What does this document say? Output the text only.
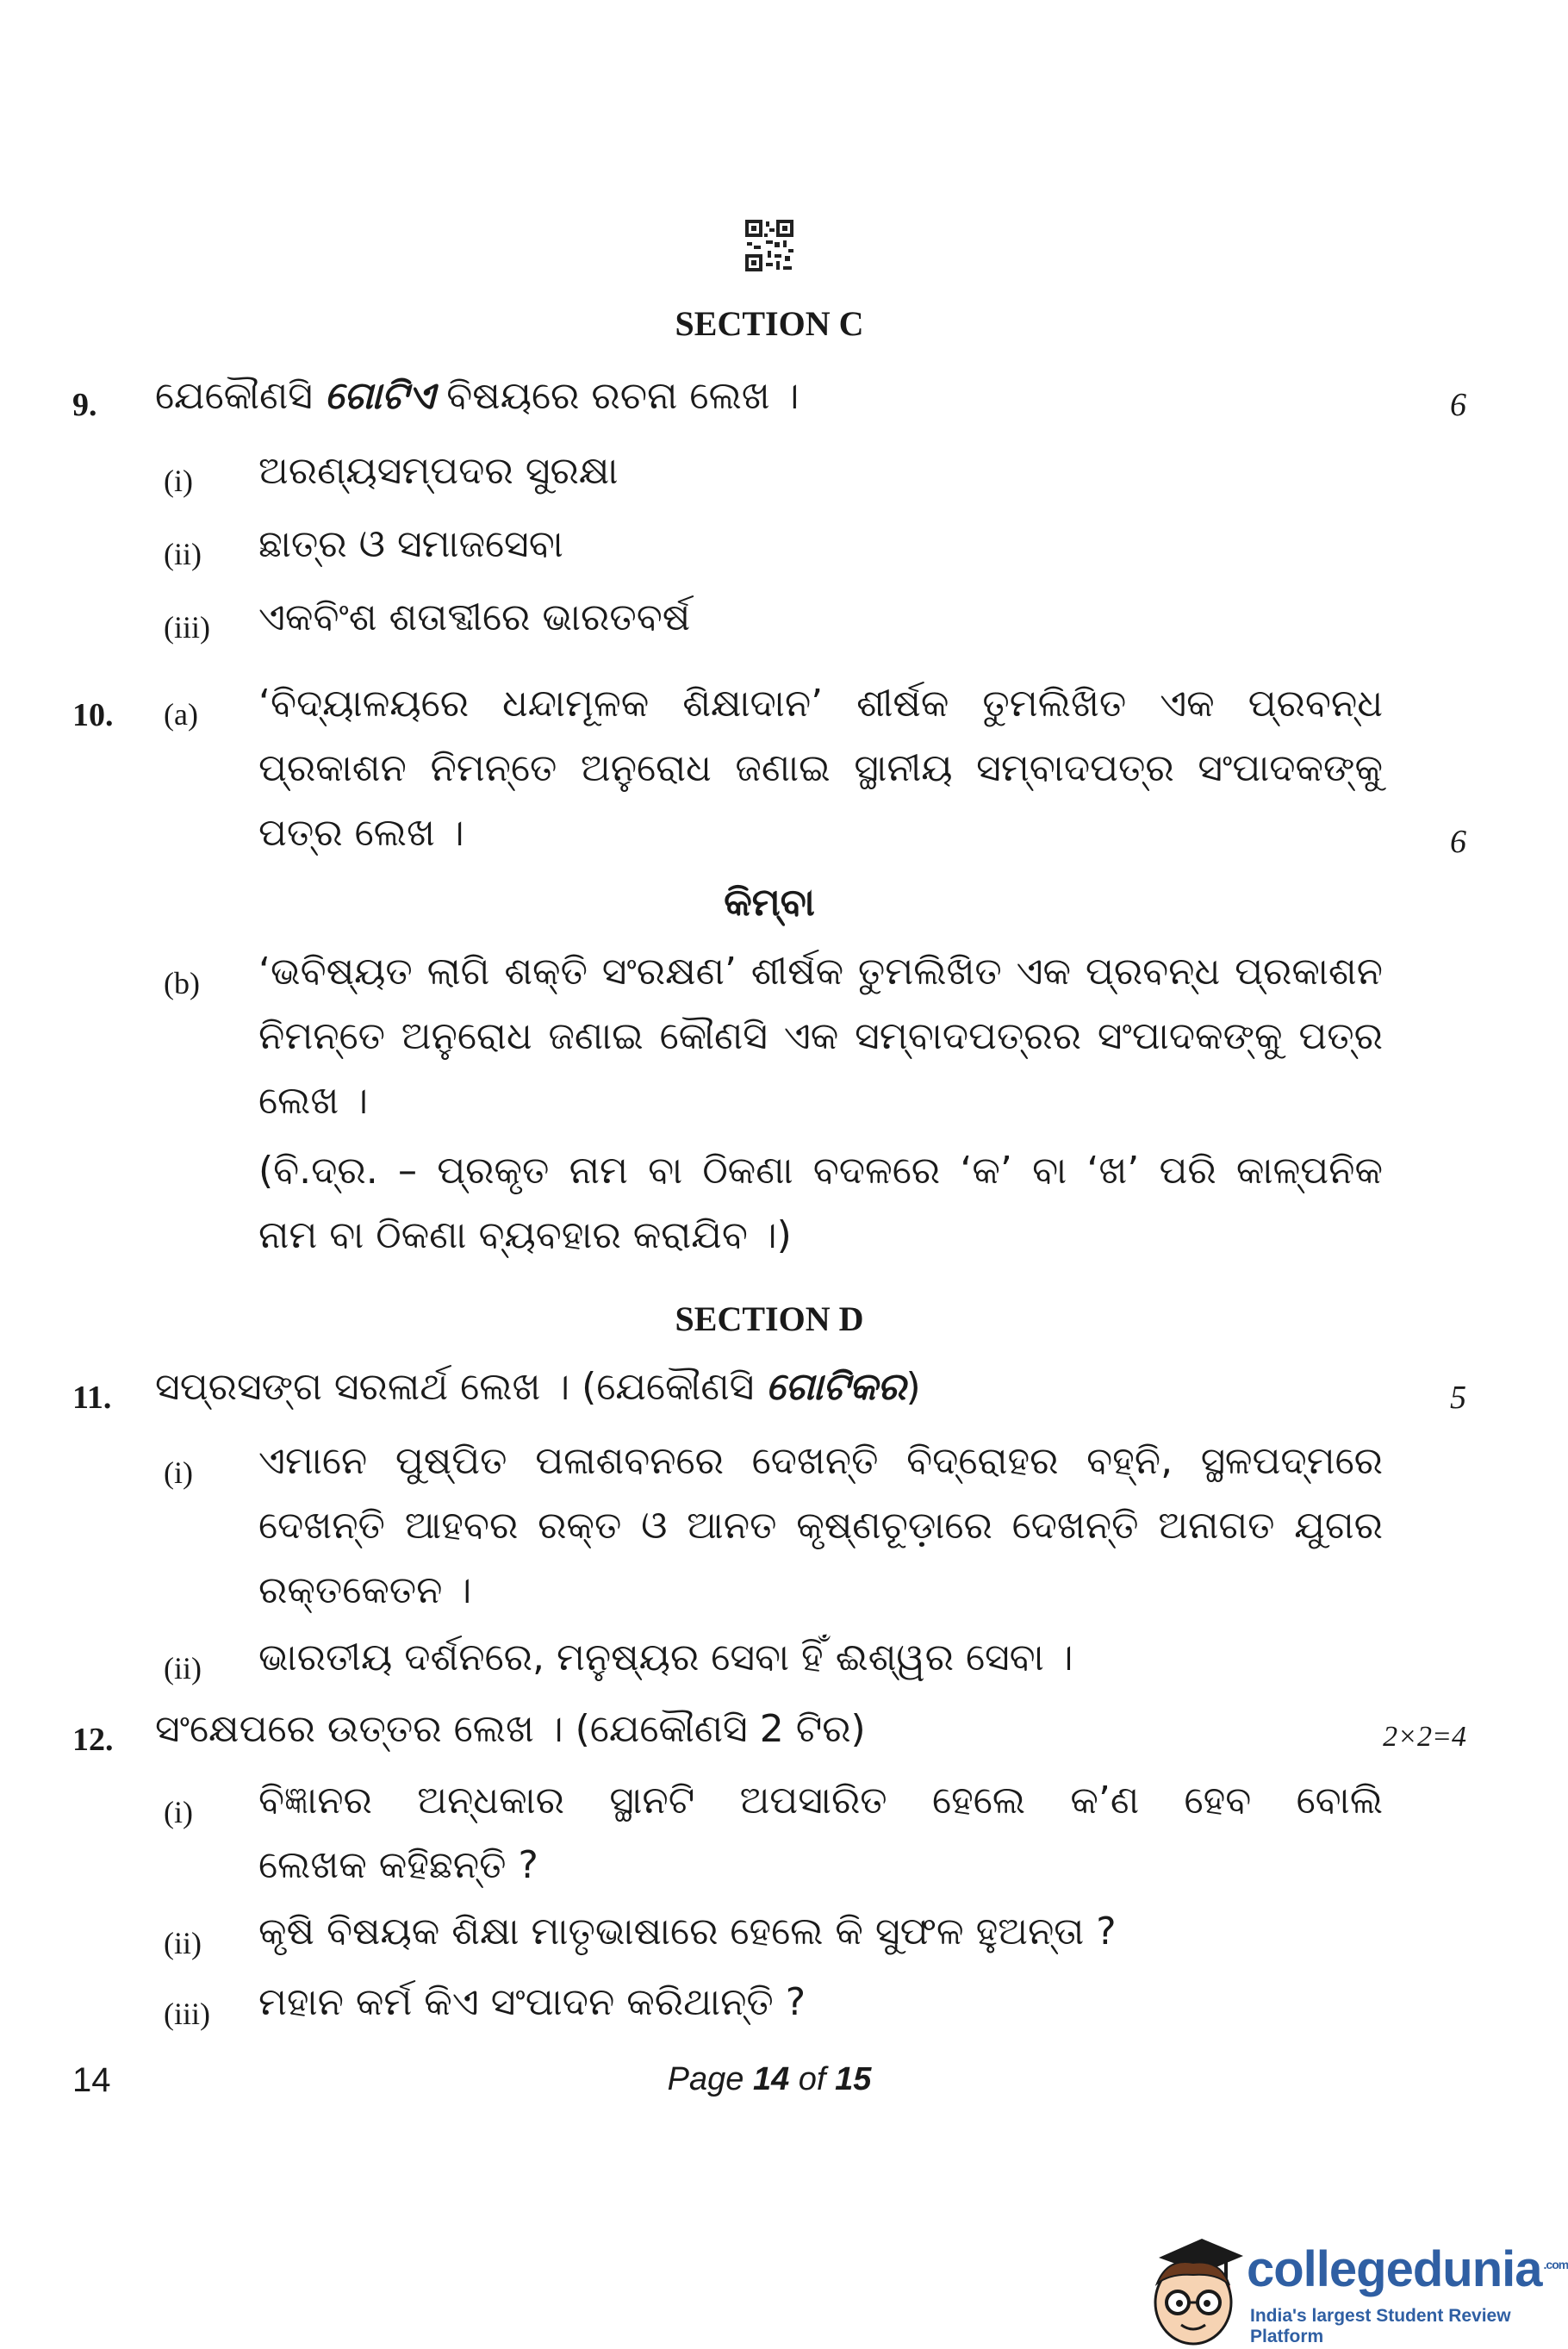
SECTION C
9. ଯେକୌଣସି ଗୋଟିଏ ବିଷୟରେ ରଚନା ଲେଖ ।	6
(i) ଅରଣ୍ୟସମ୍ପଦର ସୁରକ୍ଷା
(ii) ଛାତ୍ର ଓ ସମାଜସେବା
(iii) ଏକବିଂଶ ଶତାବ୍ଦୀରେ ଭାରତବର୍ଷ
10. (a) ‘ବିଦ୍ୟାଳୟରେ ଧନ୍ଦାମୂଳକ ଶିକ୍ଷାଦାନ’ ଶୀର୍ଷକ ତୁମଲିଖିତ ଏକ ପ୍ରବନ୍ଧ
ପ୍ରକାଶନ ନିମନ୍ତେ ଅନୁରୋଧ ଜଣାଇ ସ୍ଥାନୀୟ ସମ୍ବାଦପତ୍ର ସଂପାଦକଙ୍କୁ
ପତ୍ର ଲେଖ ।	6
କିମ୍ବା
(b) ‘ଭବିଷ୍ୟତ ଲାଗି ଶକ୍ତି ସଂରକ୍ଷଣ’ ଶୀର୍ଷକ ତୁମଲିଖିତ ଏକ ପ୍ରବନ୍ଧ ପ୍ରକାଶନ
ନିମନ୍ତେ ଅନୁରୋଧ ଜଣାଇ କୌଣସି ଏକ ସମ୍ବାଦପତ୍ରର ସଂପାଦକଙ୍କୁ ପତ୍ର
ଲେଖ ।
(ବି.ଦ୍ର. – ପ୍ରକୃତ ନାମ ବା ଠିକଣା ବଦଳରେ ‘କ’ ବା ‘ଖ’ ପରି କାଳ୍ପନିକ
ନାମ ବା ଠିକଣା ବ୍ୟବହାର କରାଯିବ ।)
SECTION D
11. ସପ୍ରସଙ୍ଗ ସରଳାର୍ଥ ଲେଖ । (ଯେକୌଣସି ଗୋଟିକର)	5
(i) ଏମାନେ ପୁଷ୍ପିତ ପଳାଶବନରେ ଦେଖନ୍ତି ବିଦ୍ରୋହର ବହ୍ନି, ସ୍ଥଳପଦ୍ମରେ
ଦେଖନ୍ତି ଆହବର ରକ୍ତ ଓ ଆନତ କୃଷ୍ଣଚୂଡ଼ାରେ ଦେଖନ୍ତି ଅନାଗତ ଯୁଗର
ରକ୍ତକେତନ ।
(ii) ଭାରତୀୟ ଦର୍ଶନରେ, ମନୁଷ୍ୟର ସେବା ହିଁ ଈଶ୍ୱର ସେବା ।
12. ସଂକ୍ଷେପରେ ଉତ୍ତର ଲେଖ । (ଯେକୌଣସି 2 ଟିର)	2×2=4
(i) ବିଜ୍ଞାନର ଅନ୍ଧକାର ସ୍ଥାନଟି ଅପସାରିତ ହେଲେ କ’ଣ ହେବ ବୋଲି
ଲେଖକ କହିଛନ୍ତି ?
(ii) କୃଷି ବିଷୟକ ଶିକ୍ଷା ମାତୃଭାଷାରେ ହେଲେ କି ସୁଫଳ ହୁଅନ୍ତା ?
(iii) ମହାନ କର୍ମ କିଏ ସଂପାଦନ କରିଥାନ୍ତି ?
14	Page 14 of 15
collegedunia $^{.com}$
India's largest Student Review Platform
